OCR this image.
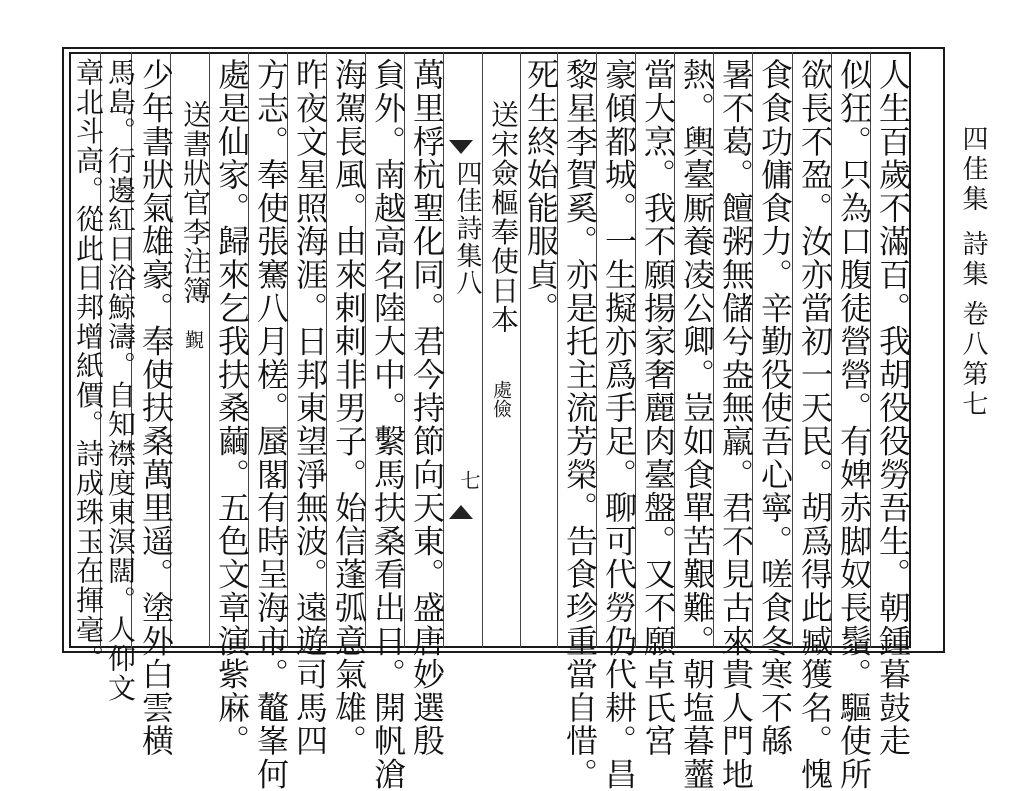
四佳集
詩集
卷八
第七
人生百歲不滿百。我胡役役勞吾生。朝鍾暮鼓走
似狂。只為口腹徒營營。有婢赤脚奴長鬚。驅使所
欲長不盈。汝亦當初一天民。胡爲得此臧獲名。愧
食食功傭食力。辛勤役使吾心寧。嗟食冬寒不緜
暑不葛。饘粥無儲兮盎無羸。君不見古來貴人門地
熱。輿臺厮養凌公卿。豈如食單苦艱難。朝塩暮虀
當大烹。我不願揚家奢麗肉臺盤。又不願卓氏宮
豪傾都城。一生擬亦爲手足。聊可代勞仍代耕。昌
黎星李賀奚。亦是托主流芳榮。告食珍重當自惜。
死生終始能服貞。
送宋僉樞奉使日本
處儉
四佳詩集八
七
萬里桴杭聖化同。君今持節向天東。盛唐妙選殷
貟外。南越高名陸大中。繫馬扶桑看出日。開帆滄
海駕長風。由來剌剌非男子。始信蓬弧意氣雄。
昨夜文星照海涯。日邦東望淨無波。遠遊司馬四
方志。奉使張騫八月槎。蜃閣有時呈海市。鼇峯何
處是仙家。歸來乞我扶桑繭。五色文章演紫麻。
送書狀官李注簿
覲
少年書狀氣雄豪。奉使扶桑萬里遥。塗外白雲横
馬島。行邊紅日浴鯨濤。自知襟度東溟闊。人仰文
章北斗高。從此日邦增紙價。詩成珠玉在揮毫。
